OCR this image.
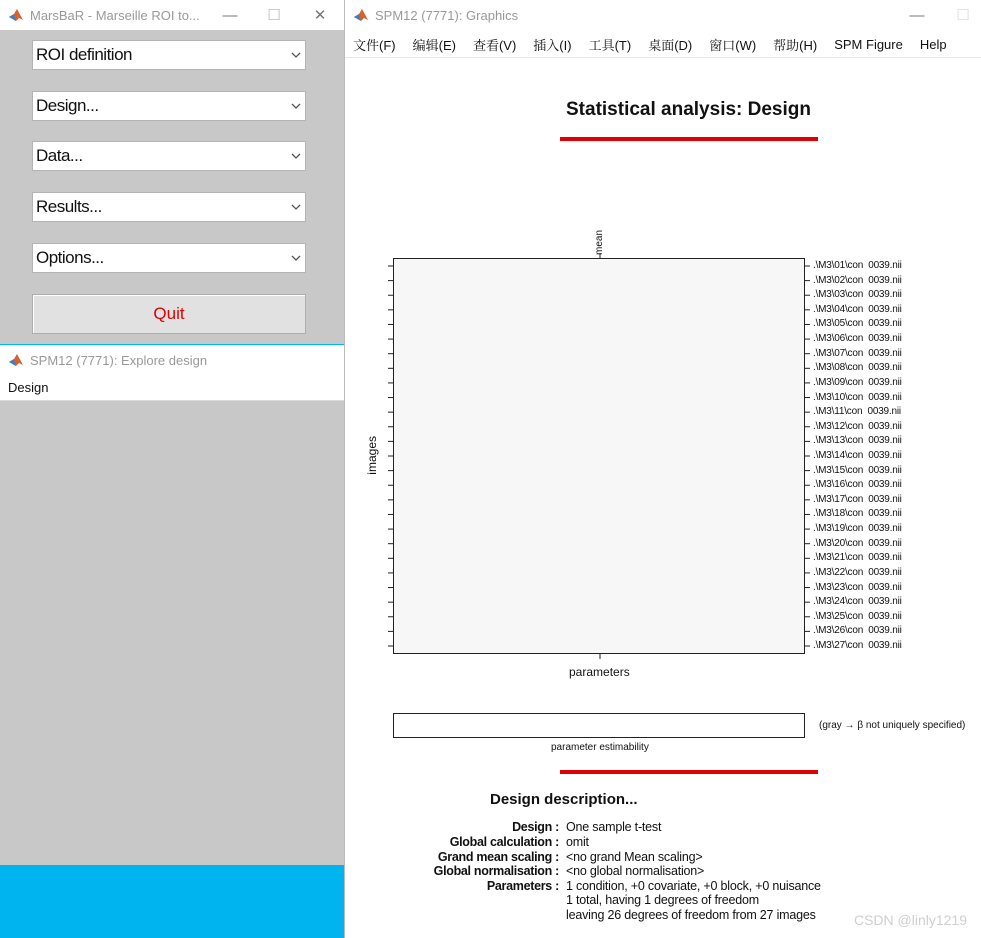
MarsBaR - Marseille ROI to...	—	☐	✕
ROI definition
Design...
Data...
Results...
Options...
Quit
SPM12 (7771): Explore design
Design
SPM12 (7771): Graphics	—	☐
文件(F) 编辑(E) 查看(V) 插入(I) 工具(T) 桌面(D) 窗口(W) 帮助(H) SPM Figure Help
Statistical analysis: Design
mean
images
.\M3\01\con  0039.nii
.\M3\02\con  0039.nii
.\M3\03\con  0039.nii
.\M3\04\con  0039.nii
.\M3\05\con  0039.nii
.\M3\06\con  0039.nii
.\M3\07\con  0039.nii
.\M3\08\con  0039.nii
.\M3\09\con  0039.nii
.\M3\10\con  0039.nii
.\M3\11\con  0039.nii
.\M3\12\con  0039.nii
.\M3\13\con  0039.nii
.\M3\14\con  0039.nii
.\M3\15\con  0039.nii
.\M3\16\con  0039.nii
.\M3\17\con  0039.nii
.\M3\18\con  0039.nii
.\M3\19\con  0039.nii
.\M3\20\con  0039.nii
.\M3\21\con  0039.nii
.\M3\22\con  0039.nii
.\M3\23\con  0039.nii
.\M3\24\con  0039.nii
.\M3\25\con  0039.nii
.\M3\26\con  0039.nii
.\M3\27\con  0039.nii
parameters
parameter estimability
(gray → β not uniquely specified)
Design description...
Design : One sample t-test
Global calculation : omit
Grand mean scaling : <no grand Mean scaling>
Global normalisation : <no global normalisation>
Parameters : 1 condition, +0 covariate, +0 block, +0 nuisance
1 total, having 1 degrees of freedom
leaving 26 degrees of freedom from 27 images	CSDN @linly1219
